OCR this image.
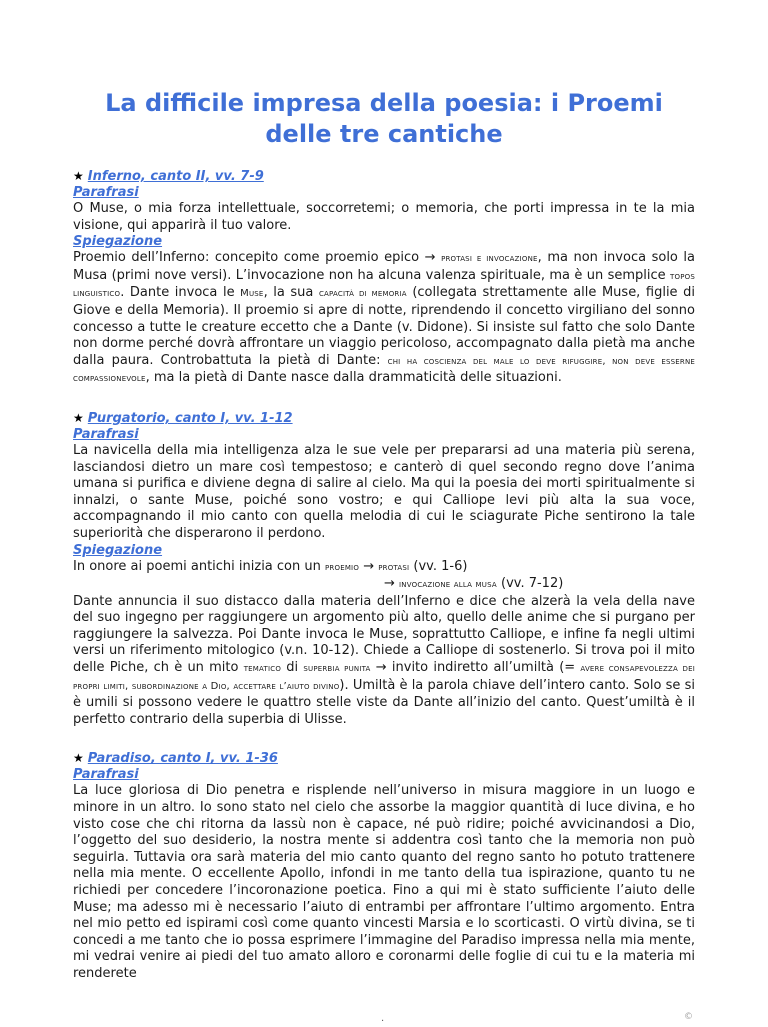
La difficile impresa della poesia: i Proemi delle tre cantiche
★ Inferno, canto II, vv. 7-9
Parafrasi

O Muse, o mia forza intellettuale, soccorretemi; o memoria, che porti impressa in te la mia visione, qui apparirà il tuo valore.

Spiegazione

Proemio dell’Inferno: concepito come proemio epico → protasi e invocazione, ma non invoca solo la Musa (primi nove versi). L’invocazione non ha alcuna valenza spirituale, ma è un semplice topos linguistico. Dante invoca le Muse, la sua capacità di memoria (collegata strettamente alle Muse, figlie di Giove e della Memoria). Il proemio si apre di notte, riprendendo il concetto virgiliano del sonno concesso a tutte le creature eccetto che a Dante (v. Didone). Si insiste sul fatto che solo Dante non dorme perché dovrà affrontare un viaggio pericoloso, accompagnato dalla pietà ma anche dalla paura. Controbattuta la pietà di Dante: chi ha coscienza del male lo deve rifuggire, non deve esserne compassionevole, ma la pietà di Dante nasce dalla drammaticità delle situazioni.

★ Purgatorio, canto I, vv. 1-12
Parafrasi

La navicella della mia intelligenza alza le sue vele per prepararsi ad una materia più serena, lasciandosi dietro un mare così tempestoso; e canterò di quel secondo regno dove l’anima umana si purifica e diviene degna di salire al cielo. Ma qui la poesia dei morti spiritualmente si innalzi, o sante Muse, poiché sono vostro; e qui Calliope levi più alta la sua voce, accompagnando il mio canto con quella melodia di cui le sciagurate Piche sentirono la tale superiorità che disperarono il perdono.

Spiegazione

In onore ai poemi antichi inizia con un proemio → protasi (vv. 1-6)

→ invocazione alla musa (vv. 7-12)

Dante annuncia il suo distacco dalla materia dell’Inferno e dice che alzerà la vela della nave del suo ingegno per raggiungere un argomento più alto, quello delle anime che si purgano per raggiungere la salvezza. Poi Dante invoca le Muse, soprattutto Calliope, e infine fa negli ultimi versi un riferimento mitologico (v.n. 10-12). Chiede a Calliope di sostenerlo. Si trova poi il mito delle Piche, ch è un mito tematico di superbia punita → invito indiretto all’umiltà (= avere consapevolezza dei propri limiti, subordinazione a Dio, accettare l’aiuto divino). Umiltà è la parola chiave dell’intero canto. Solo se si è umili si possono vedere le quattro stelle viste da Dante all’inizio del canto. Quest’umiltà è il perfetto contrario della superbia di Ulisse.

★ Paradiso, canto I, vv. 1-36
Parafrasi

La luce gloriosa di Dio penetra e risplende nell’universo in misura maggiore in un luogo e minore in un altro. Io sono stato nel cielo che assorbe la maggior quantità di luce divina, e ho visto cose che chi ritorna da lassù non è capace, né può ridire; poiché avvicinandosi a Dio, l’oggetto del suo desiderio, la nostra mente si addentra così tanto che la memoria non può seguirla. Tuttavia ora sarà materia del mio canto quanto del regno santo ho potuto trattenere nella mia mente. O eccellente Apollo, infondi in me tanto della tua ispirazione, quanto tu ne richiedi per concedere l’incoronazione poetica. Fino a qui mi è stato sufficiente l’aiuto delle Muse; ma adesso mi è necessario l’aiuto di entrambi per affrontare l’ultimo argomento. Entra nel mio petto ed ispirami così come quanto vincesti Marsia e lo scorticasti. O virtù divina, se ti concedi a me tanto che io possa esprimere l’immagine del Paradiso impressa nella mia mente, mi vedrai venire ai piedi del tuo amato alloro e coronarmi delle foglie di cui tu e la materia mi renderete

·	©
